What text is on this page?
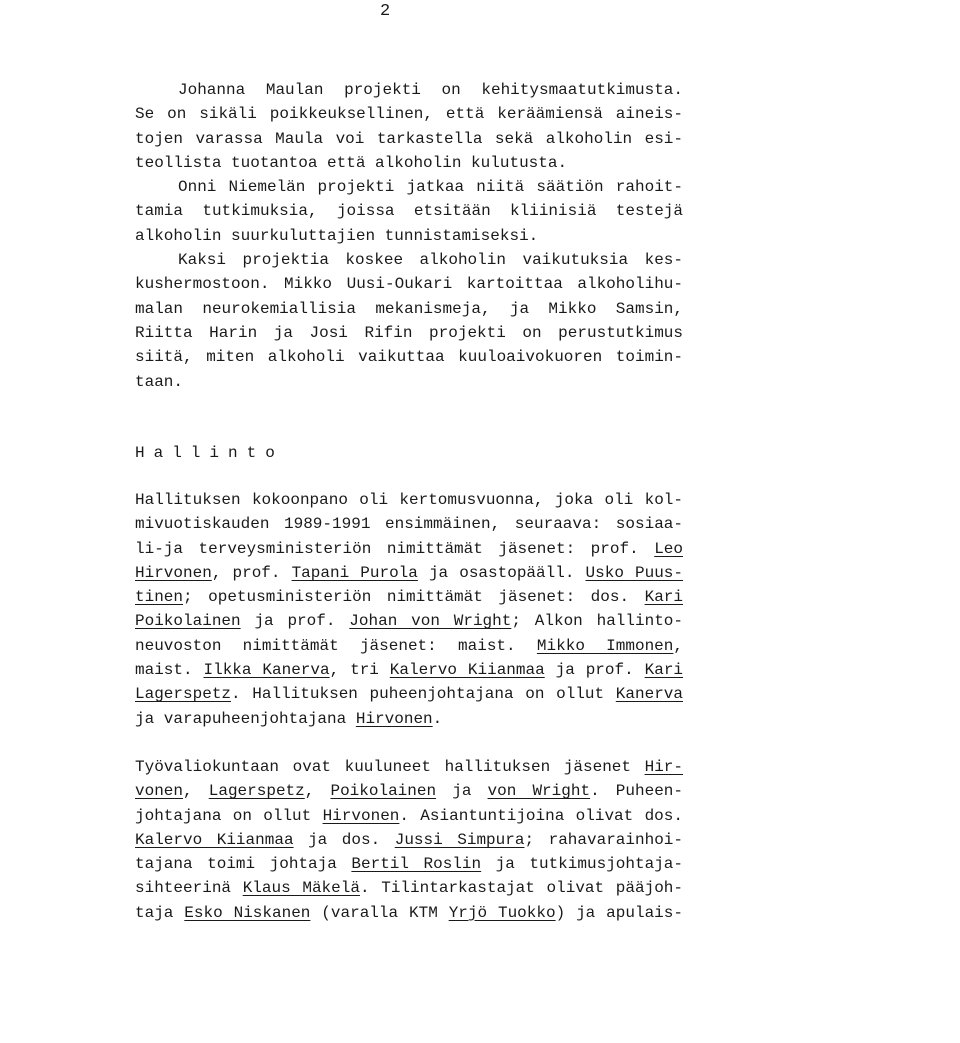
2
Hallinto
Johanna Maulan projekti on kehitysmaatutkimusta.
Se on sikäli poikkeuksellinen, että keräämiensä aineis-
tojen varassa Maula voi tarkastella sekä alkoholin esi-
teollista tuotantoa että alkoholin kulutusta.
Onni Niemelän projekti jatkaa niitä säätiön rahoit-
tamia tutkimuksia, joissa etsitään kliinisiä testejä
alkoholin suurkuluttajien tunnistamiseksi.
Kaksi projektia koskee alkoholin vaikutuksia kes-
kushermostoon. Mikko Uusi-Oukari kartoittaa alkoholihu-
malan neurokemiallisia mekanismeja, ja Mikko Samsin,
Riitta Harin ja Josi Rifin projekti on perustutkimus
siitä, miten alkoholi vaikuttaa kuuloaivokuoren toimin-
taan.
Hallituksen kokoonpano oli kertomusvuonna, joka oli kol-
mivuotiskauden 1989-1991 ensimmäinen, seuraava: sosiaa-
li-ja terveysministeriön nimittämät jäsenet: prof. Leo
Hirvonen, prof. Tapani Purola ja osastopääll. Usko Puus-
tinen; opetusministeriön nimittämät jäsenet: dos. Kari
Poikolainen ja prof. Johan von Wright; Alkon hallinto-
neuvoston nimittämät jäsenet: maist. Mikko Immonen,
maist. Ilkka Kanerva, tri Kalervo Kiianmaa ja prof. Kari
Lagerspetz. Hallituksen puheenjohtajana on ollut Kanerva
ja varapuheenjohtajana Hirvonen.
Työvaliokuntaan ovat kuuluneet hallituksen jäsenet Hir-
vonen, Lagerspetz, Poikolainen ja von Wright. Puheen-
johtajana on ollut Hirvonen. Asiantuntijoina olivat dos.
Kalervo Kiianmaa ja dos. Jussi Simpura; rahavarainhoi-
tajana toimi johtaja Bertil Roslin ja tutkimusjohtaja-
sihteerinä Klaus Mäkelä. Tilintarkastajat olivat pääjoh-
taja Esko Niskanen (varalla KTM Yrjö Tuokko) ja apulais-
